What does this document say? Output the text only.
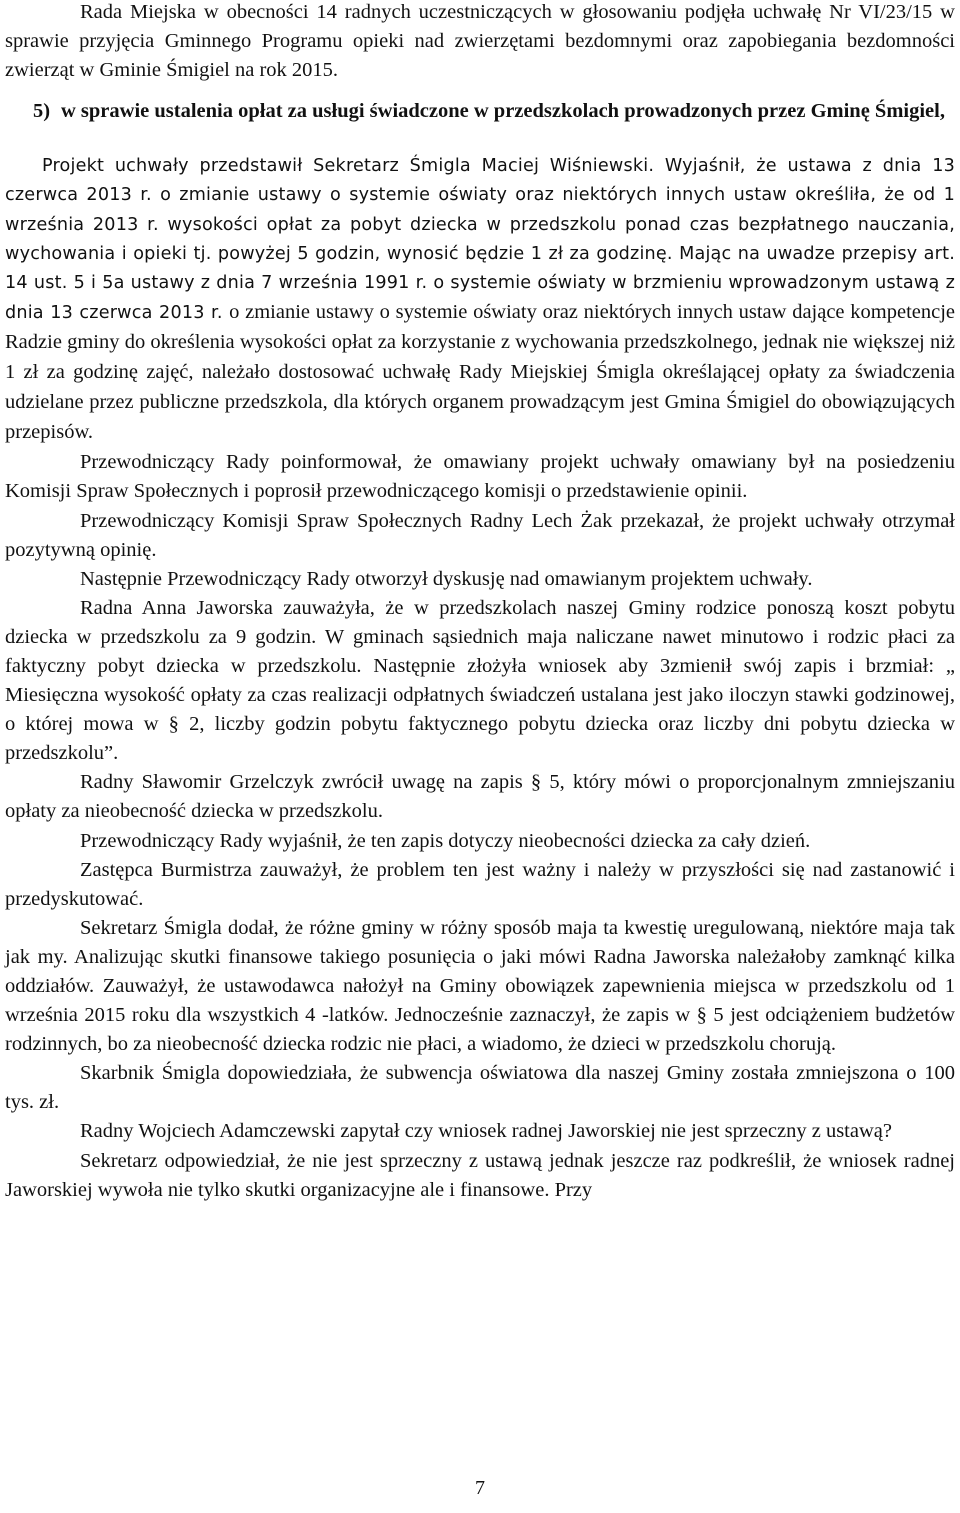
Rada Miejska w obecności 14 radnych uczestniczących w głosowaniu podjęła uchwałę Nr VI/23/15 w sprawie przyjęcia Gminnego Programu opieki nad zwierzętami bezdomnymi oraz zapobiegania bezdomności zwierząt w Gminie Śmigiel na rok 2015.

5) w sprawie ustalenia opłat za usługi świadczone w przedszkolach prowadzonych przez Gminę Śmigiel,

Projekt uchwały przedstawił Sekretarz Śmigla Maciej Wiśniewski. Wyjaśnił, że ustawa z dnia 13 czerwca 2013 r. o zmianie ustawy o systemie oświaty oraz niektórych innych ustaw określiła, że od 1 września 2013 r. wysokości opłat za pobyt dziecka w przedszkolu ponad czas bezpłatnego nauczania, wychowania i opieki tj. powyżej 5 godzin, wynosić będzie 1 zł za godzinę. Mając na uwadze przepisy art. 14 ust. 5 i 5a ustawy z dnia 7 września 1991 r. o systemie oświaty w brzmieniu wprowadzonym ustawą z dnia 13 czerwca 2013 r. o zmianie ustawy o systemie oświaty oraz niektórych innych ustaw dające kompetencje Radzie gminy do określenia wysokości opłat za korzystanie z wychowania przedszkolnego, jednak nie większej niż 1 zł za godzinę zajęć, należało dostosować uchwałę Rady Miejskiej Śmigla określającej opłaty za świadczenia udzielane przez publiczne przedszkola, dla których organem prowadzącym jest Gmina Śmigiel do obowiązujących przepisów.

Przewodniczący Rady poinformował, że omawiany projekt uchwały omawiany był na posiedzeniu Komisji Spraw Społecznych i poprosił przewodniczącego komisji o przedstawienie opinii.

Przewodniczący Komisji Spraw Społecznych Radny Lech Żak przekazał, że projekt uchwały otrzymał pozytywną opinię.

Następnie Przewodniczący Rady otworzył dyskusję nad omawianym projektem uchwały.

Radna Anna Jaworska zauważyła, że w przedszkolach naszej Gminy rodzice ponoszą koszt pobytu dziecka w przedszkolu za 9 godzin. W gminach sąsiednich maja naliczane nawet minutowo i rodzic płaci za faktyczny pobyt dziecka w przedszkolu. Następnie złożyła wniosek aby 3zmienił swój zapis i brzmiał: „ Miesięczna wysokość opłaty za czas realizacji odpłatnych świadczeń ustalana jest jako iloczyn stawki godzinowej, o której mowa w § 2, liczby godzin pobytu faktycznego pobytu dziecka oraz liczby dni pobytu dziecka w przedszkolu”.

Radny Sławomir Grzelczyk zwrócił uwagę na zapis § 5, który mówi o proporcjonalnym zmniejszaniu opłaty za nieobecność dziecka w przedszkolu.

Przewodniczący Rady wyjaśnił, że ten zapis dotyczy nieobecności dziecka za cały dzień.

Zastępca Burmistrza zauważył, że problem ten jest ważny i należy w przyszłości się nad zastanowić i przedyskutować.

Sekretarz Śmigla dodał, że różne gminy w różny sposób maja ta kwestię uregulowaną, niektóre maja tak jak my. Analizując skutki finansowe takiego posunięcia o jaki mówi Radna Jaworska należałoby zamknąć kilka oddziałów. Zauważył, że ustawodawca nałożył na Gminy obowiązek zapewnienia miejsca w przedszkolu od 1 września 2015 roku dla wszystkich 4 -latków. Jednocześnie zaznaczył, że zapis w § 5 jest odciążeniem budżetów rodzinnych, bo za nieobecność dziecka rodzic nie płaci, a wiadomo, że dzieci w przedszkolu chorują.

Skarbnik Śmigla dopowiedziała, że subwencja oświatowa dla naszej Gminy została zmniejszona o 100 tys. zł.

Radny Wojciech Adamczewski zapytał czy wniosek radnej Jaworskiej nie jest sprzeczny z ustawą?

Sekretarz odpowiedział, że nie jest sprzeczny z ustawą jednak jeszcze raz podkreślił, że wniosek radnej Jaworskiej wywoła nie tylko skutki organizacyjne ale i finansowe. Przy

7
